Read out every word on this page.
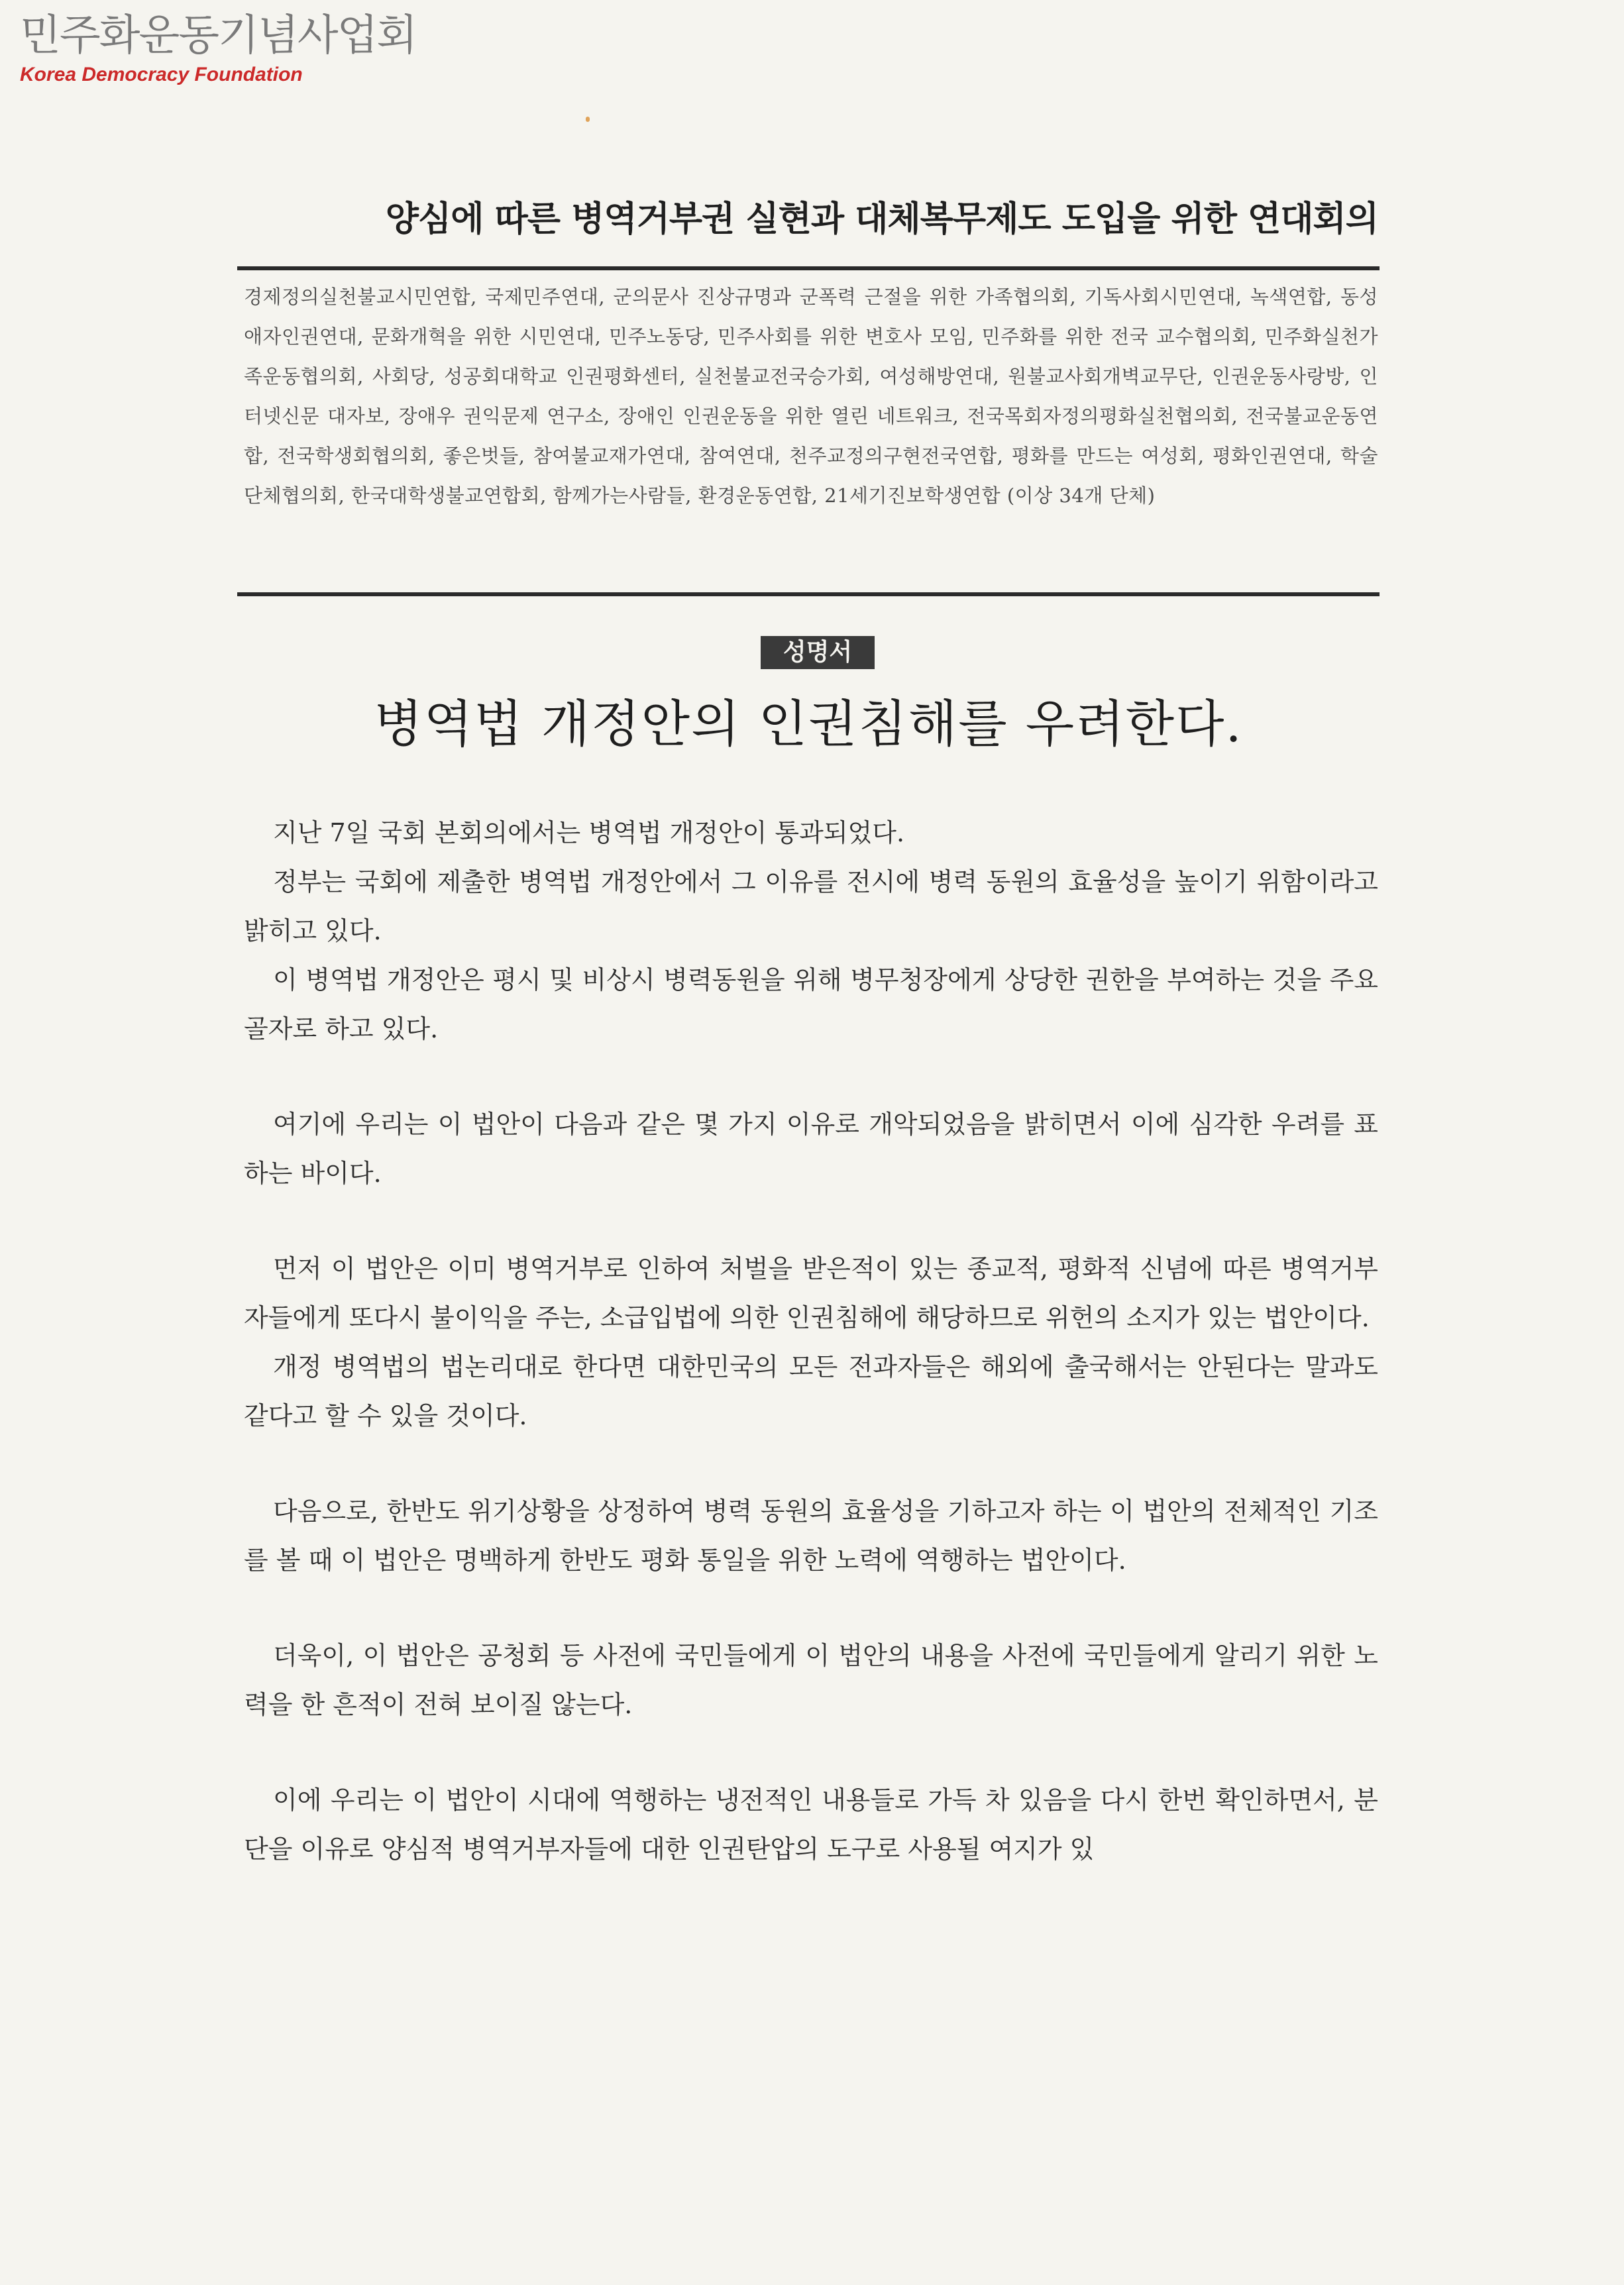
민주화운동기념사업회
Korea Democracy Foundation
양심에 따른 병역거부권 실현과 대체복무제도 도입을 위한 연대회의
경제정의실천불교시민연합, 국제민주연대, 군의문사 진상규명과 군폭력 근절을 위한 가족협의회, 기독사회시민연대, 녹색연합, 동성애자인권연대, 문화개혁을 위한 시민연대, 민주노동당, 민주사회를 위한 변호사 모임, 민주화를 위한 전국 교수협의회, 민주화실천가족운동협의회, 사회당, 성공회대학교 인권평화센터, 실천불교전국승가회, 여성해방연대, 원불교사회개벽교무단, 인권운동사랑방, 인터넷신문 대자보, 장애우 권익문제 연구소, 장애인 인권운동을 위한 열린 네트워크, 전국목회자정의평화실천협의회, 전국불교운동연합, 전국학생회협의회, 좋은벗들, 참여불교재가연대, 참여연대, 천주교정의구현전국연합, 평화를 만드는 여성회, 평화인권연대, 학술단체협의회, 한국대학생불교연합회, 함께가는사람들, 환경운동연합, 21세기진보학생연합 (이상 34개 단체)
성명서
병역법 개정안의 인권침해를 우려한다.

지난 7일 국회 본회의에서는 병역법 개정안이 통과되었다.

정부는 국회에 제출한 병역법 개정안에서 그 이유를 전시에 병력 동원의 효율성을 높이기 위함이라고 밝히고 있다.

이 병역법 개정안은 평시 및 비상시 병력동원을 위해 병무청장에게 상당한 권한을 부여하는 것을 주요 골자로 하고 있다.

여기에 우리는 이 법안이 다음과 같은 몇 가지 이유로 개악되었음을 밝히면서 이에 심각한 우려를 표하는 바이다.

먼저 이 법안은 이미 병역거부로 인하여 처벌을 받은적이 있는 종교적, 평화적 신념에 따른 병역거부자들에게 또다시 불이익을 주는, 소급입법에 의한 인권침해에 해당하므로 위헌의 소지가 있는 법안이다.

개정 병역법의 법논리대로 한다면 대한민국의 모든 전과자들은 해외에 출국해서는 안된다는 말과도 같다고 할 수 있을 것이다.

다음으로, 한반도 위기상황을 상정하여 병력 동원의 효율성을 기하고자 하는 이 법안의 전체적인 기조를 볼 때 이 법안은 명백하게 한반도 평화 통일을 위한 노력에 역행하는 법안이다.

더욱이, 이 법안은 공청회 등 사전에 국민들에게 이 법안의 내용을 사전에 국민들에게 알리기 위한 노력을 한 흔적이 전혀 보이질 않는다.

이에 우리는 이 법안이 시대에 역행하는 냉전적인 내용들로 가득 차 있음을 다시 한번 확인하면서, 분단을 이유로 양심적 병역거부자들에 대한 인권탄압의 도구로 사용될 여지가 있
